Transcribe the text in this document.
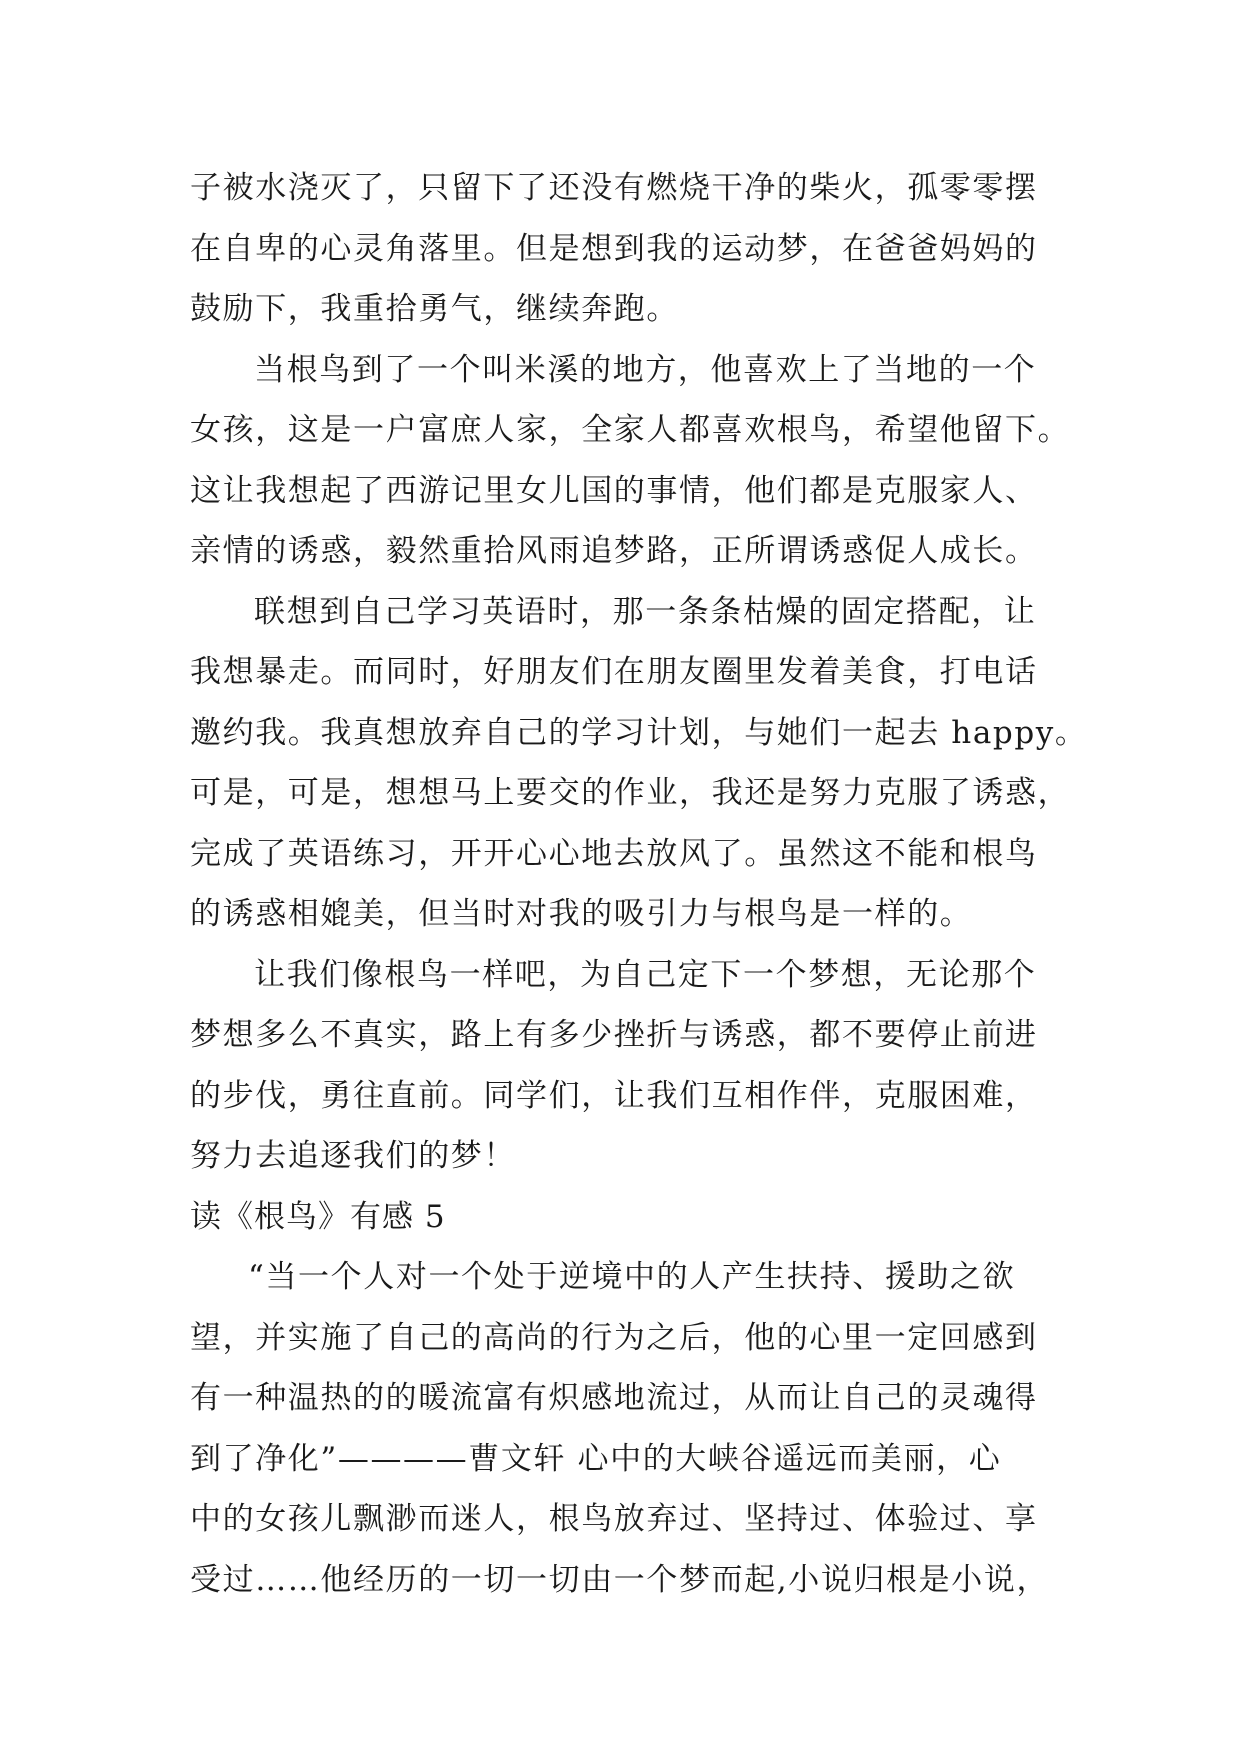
子被水浇灭了，只留下了还没有燃烧干净的柴火，孤零零摆
在自卑的心灵角落里。但是想到我的运动梦，在爸爸妈妈的
鼓励下，我重拾勇气，继续奔跑。
当根鸟到了一个叫米溪的地方，他喜欢上了当地的一个
女孩，这是一户富庶人家，全家人都喜欢根鸟，希望他留下。
这让我想起了西游记里女儿国的事情，他们都是克服家人、
亲情的诱惑，毅然重拾风雨追梦路，正所谓诱惑促人成长。
联想到自己学习英语时，那一条条枯燥的固定搭配，让
我想暴走。而同时，好朋友们在朋友圈里发着美食，打电话
邀约我。我真想放弃自己的学习计划，与她们一起去 happy。
可是，可是，想想马上要交的作业，我还是努力克服了诱惑，
完成了英语练习，开开心心地去放风了。虽然这不能和根鸟
的诱惑相媲美，但当时对我的吸引力与根鸟是一样的。
让我们像根鸟一样吧，为自己定下一个梦想，无论那个
梦想多么不真实，路上有多少挫折与诱惑，都不要停止前进
的步伐，勇往直前。同学们，让我们互相作伴，克服困难，
努力去追逐我们的梦！
读《根鸟》有感 5
“当一个人对一个处于逆境中的人产生扶持、援助之欲
望，并实施了自己的高尚的行为之后，他的心里一定回感到
有一种温热的的暖流富有炽感地流过，从而让自己的灵魂得
到了净化”————曹文轩 心中的大峡谷遥远而美丽，心
中的女孩儿飘渺而迷人，根鸟放弃过、坚持过、体验过、享
受过……他经历的一切一切由一个梦而起,小说归根是小说，
